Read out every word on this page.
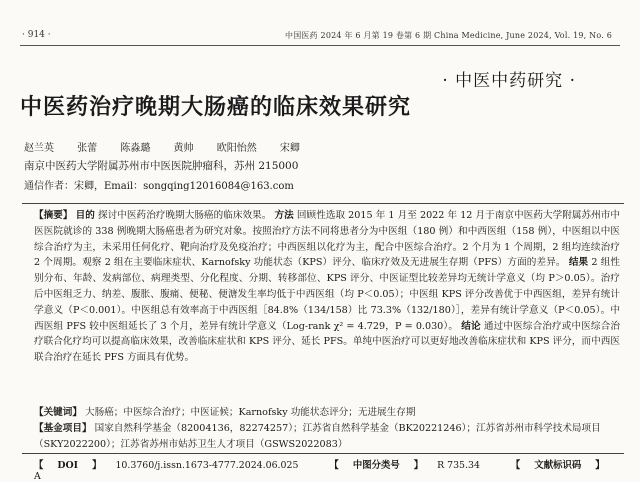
· 914 ·	中国医药 2024 年 6 月第 19 卷第 6 期 China Medicine, June 2024, Vol. 19, No. 6
· 中医中药研究 ·
中医药治疗晚期大肠癌的临床效果研究
赵兰英 张蕾 陈淼璐 黄帅 欧阳怡然 宋卿
南京中医药大学附属苏州市中医医院肿瘤科，苏州 215000
通信作者：宋卿，Email：songqing12016084@163.com
【摘要】 目的 探讨中医药治疗晚期大肠癌的临床效果。 方法 回顾性选取 2015 年 1 月至 2022 年 12 月于南京中医药大学附属苏州市中医医院就诊的 338 例晚期大肠癌患者为研究对象。按照治疗方法不同将患者分为中医组（180 例）和中西医组（158 例），中医组以中医综合治疗为主，未采用任何化疗、靶向治疗及免疫治疗；中西医组以化疗为主，配合中医综合治疗。2 个月为 1 个周期，2 组均连续治疗 2 个周期。观察 2 组在主要临床症状、Karnofsky 功能状态（KPS）评分、临床疗效及无进展生存期（PFS）方面的差异。 结果 2 组性别分布、年龄、发病部位、病理类型、分化程度、分期、转移部位、KPS 评分、中医证型比较差异均无统计学意义（均 P＞0.05）。治疗后中医组乏力、纳差、腹胀、腹痛、便秘、便溏发生率均低于中西医组（均 P＜0.05）；中医组 KPS 评分改善优于中西医组，差异有统计学意义（P＜0.001）。中医组总有效率高于中西医组［84.8%（134/158）比 73.3%（132/180）］，差异有统计学意义（P＜0.05）。中西医组 PFS 较中医组延长了 3 个月，差异有统计学意义（Log-rank χ² = 4.729，P = 0.030）。 结论 通过中医综合治疗或中医综合治疗联合化疗均可以提高临床效果，改善临床症状和 KPS 评分、延长 PFS。单纯中医治疗可以更好地改善临床症状和 KPS 评分，而中西医联合治疗在延长 PFS 方面具有优势。
【关键词】 大肠癌；中医综合治疗；中医证候；Karnofsky 功能状态评分；无进展生存期
【基金项目】 国家自然科学基金（82004136，82274257）；江苏省自然科学基金（BK20221246）；江苏省苏州市科学技术局项目（SKY2022200）；江苏省苏州市姑苏卫生人才项目（GSWS2022083）
【 DOI 】 10.3760/j.issn.1673-4777.2024.06.025	【 中图分类号 】 R 735.34	【 文献标识码 】A
